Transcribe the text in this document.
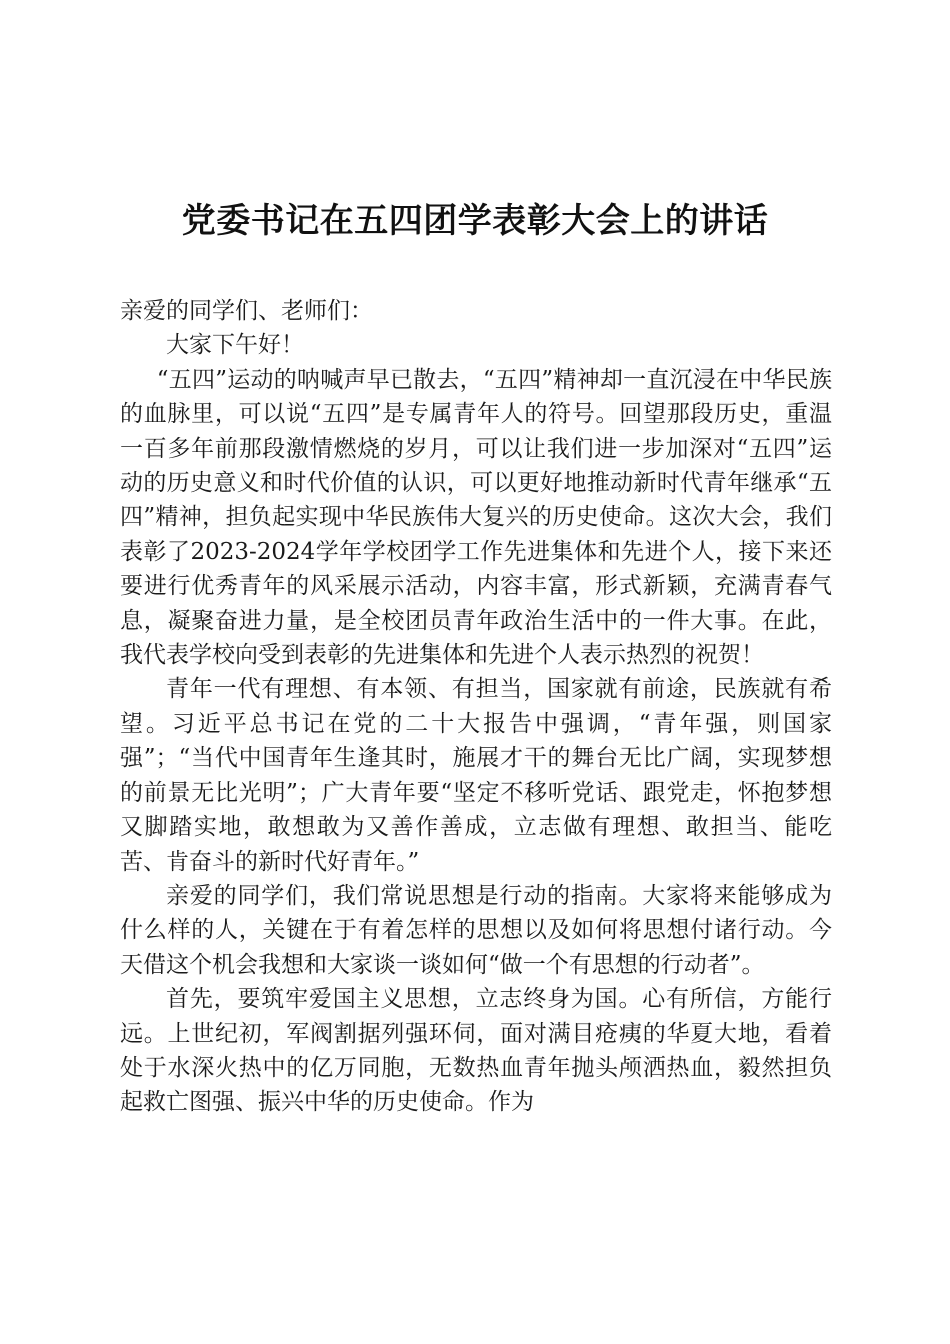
党委书记在五四团学表彰大会上的讲话

亲爱的同学们、老师们：

大家下午好！

“五四”运动的呐喊声早已散去，“五四”精神却一直沉浸在中华民族的血脉里，可以说“五四”是专属青年人的符号。回望那段历史，重温一百多年前那段激情燃烧的岁月，可以让我们进一步加深对“五四”运动的历史意义和时代价值的认识，可以更好地推动新时代青年继承“五四”精神，担负起实现中华民族伟大复兴的历史使命。这次大会，我们表彰了2023-2024学年学校团学工作先进集体和先进个人，接下来还要进行优秀青年的风采展示活动，内容丰富，形式新颖，充满青春气息，凝聚奋进力量，是全校团员青年政治生活中的一件大事。在此，我代表学校向受到表彰的先进集体和先进个人表示热烈的祝贺！

青年一代有理想、有本领、有担当，国家就有前途，民族就有希望。习近平总书记在党的二十大报告中强调，“青年强，则国家强”；“当代中国青年生逢其时，施展才干的舞台无比广阔，实现梦想的前景无比光明”；广大青年要“坚定不移听党话、跟党走，怀抱梦想又脚踏实地，敢想敢为又善作善成，立志做有理想、敢担当、能吃苦、肯奋斗的新时代好青年。”

亲爱的同学们，我们常说思想是行动的指南。大家将来能够成为什么样的人，关键在于有着怎样的思想以及如何将思想付诸行动。今天借这个机会我想和大家谈一谈如何“做一个有思想的行动者”。

首先，要筑牢爱国主义思想，立志终身为国。心有所信，方能行远。上世纪初，军阀割据列强环伺，面对满目疮痍的华夏大地，看着处于水深火热中的亿万同胞，无数热血青年抛头颅洒热血，毅然担负起救亡图强、振兴中华的历史使命。作为
